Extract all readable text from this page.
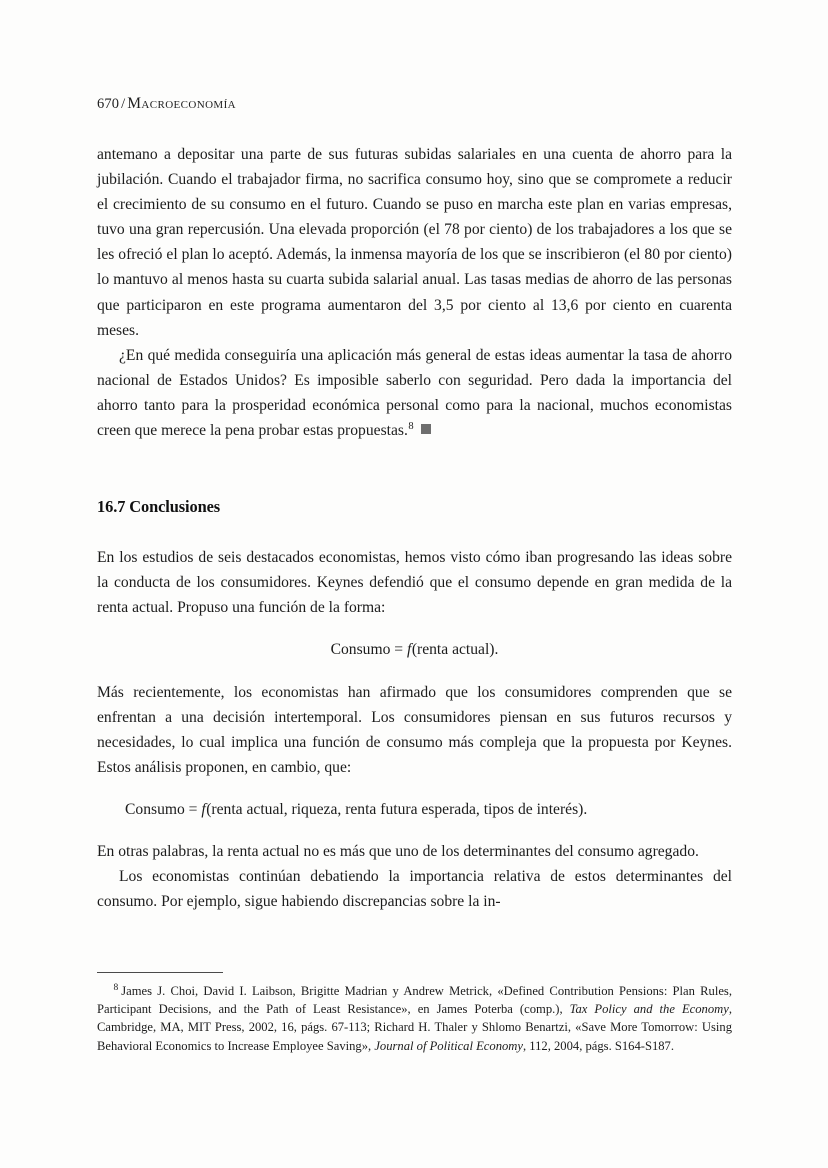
670 / Macroeconomía

antemano a depositar una parte de sus futuras subidas salariales en una cuenta de ahorro para la jubilación. Cuando el trabajador firma, no sacrifica consumo hoy, sino que se compromete a reducir el crecimiento de su consumo en el futuro. Cuando se puso en marcha este plan en varias empresas, tuvo una gran repercusión. Una elevada proporción (el 78 por ciento) de los trabajadores a los que se les ofreció el plan lo aceptó. Además, la inmensa mayoría de los que se inscribieron (el 80 por ciento) lo mantuvo al menos hasta su cuarta subida salarial anual. Las tasas medias de ahorro de las personas que participaron en este programa aumentaron del 3,5 por ciento al 13,6 por ciento en cuarenta meses.

¿En qué medida conseguiría una aplicación más general de estas ideas aumentar la tasa de ahorro nacional de Estados Unidos? Es imposible saberlo con seguridad. Pero dada la importancia del ahorro tanto para la prosperidad económica personal como para la nacional, muchos economistas creen que merece la pena probar estas propuestas.$^8$

16.7 Conclusiones

En los estudios de seis destacados economistas, hemos visto cómo iban progresando las ideas sobre la conducta de los consumidores. Keynes defendió que el consumo depende en gran medida de la renta actual. Propuso una función de la forma:

Consumo = f(renta actual).

Más recientemente, los economistas han afirmado que los consumidores comprenden que se enfrentan a una decisión intertemporal. Los consumidores piensan en sus futuros recursos y necesidades, lo cual implica una función de consumo más compleja que la propuesta por Keynes. Estos análisis proponen, en cambio, que:

Consumo = f(renta actual, riqueza, renta futura esperada, tipos de interés).

En otras palabras, la renta actual no es más que uno de los determinantes del consumo agregado.

Los economistas continúan debatiendo la importancia relativa de estos determinantes del consumo. Por ejemplo, sigue habiendo discrepancias sobre la in-

$^8$ James J. Choi, David I. Laibson, Brigitte Madrian y Andrew Metrick, «Defined Contribution Pensions: Plan Rules, Participant Decisions, and the Path of Least Resistance», en James Poterba (comp.), Tax Policy and the Economy, Cambridge, MA, MIT Press, 2002, 16, págs. 67-113; Richard H. Thaler y Shlomo Benartzi, «Save More Tomorrow: Using Behavioral Economics to Increase Employee Saving», Journal of Political Economy, 112, 2004, págs. S164-S187.
